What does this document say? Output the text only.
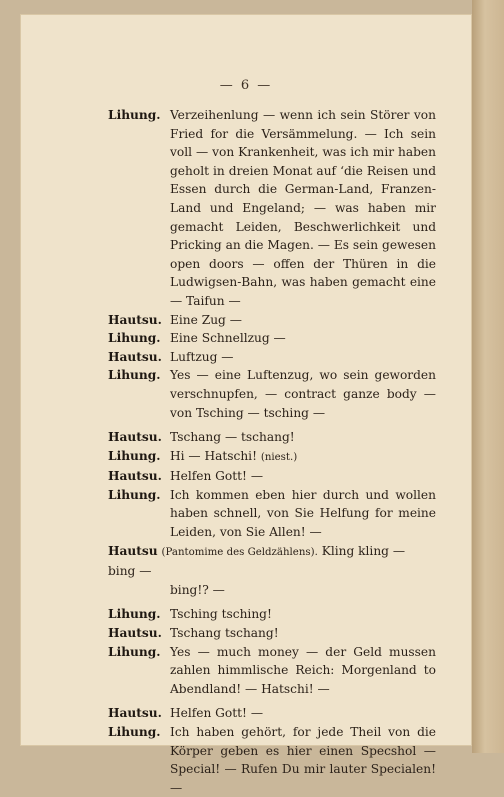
— 6 —
Lihung. Verzeihenlung — wenn ich sein Störer von Fried for die Versämmelung. — Ich sein voll — von Krankenheit, was ich mir haben geholt in dreien Monat auf ‘die Reisen und Essen durch die German-Land, Franzen-Land und Engeland; — was haben mir gemacht Leiden, Beschwerlichkeit und Pricking an die Magen. — Es sein gewesen open doors — offen der Thüren in die Ludwigsen-Bahn, was haben gemacht eine — Taifun —
Hautsu. Eine Zug —
Lihung. Eine Schnellzug —
Hautsu. Luftzug —
Lihung. Yes — eine Luftenzug, wo sein geworden verschnupfen, — contract ganze body — von Tsching — tsching —
Hautsu. Tschang — tschang!
Lihung. Hi — Hatschi! (niest.)
Hautsu. Helfen Gott! —
Lihung. Ich kommen eben hier durch und wollen haben schnell, von Sie Helfung for meine Leiden, von Sie Allen! —
Hautsu (Pantomime des Geldzählens). Kling kling — bing —
bing!? —
Lihung. Tsching tsching!
Hautsu. Tschang tschang!
Lihung. Yes — much money — der Geld mussen zahlen himmlische Reich: Morgenland to Abendland! — Hatschi! —
Hautsu. Helfen Gott! —
Lihung. Ich haben gehört, for jede Theil von die Körper geben es hier einen Specshol — Special! — Rufen Du mir lauter Specialen! —
